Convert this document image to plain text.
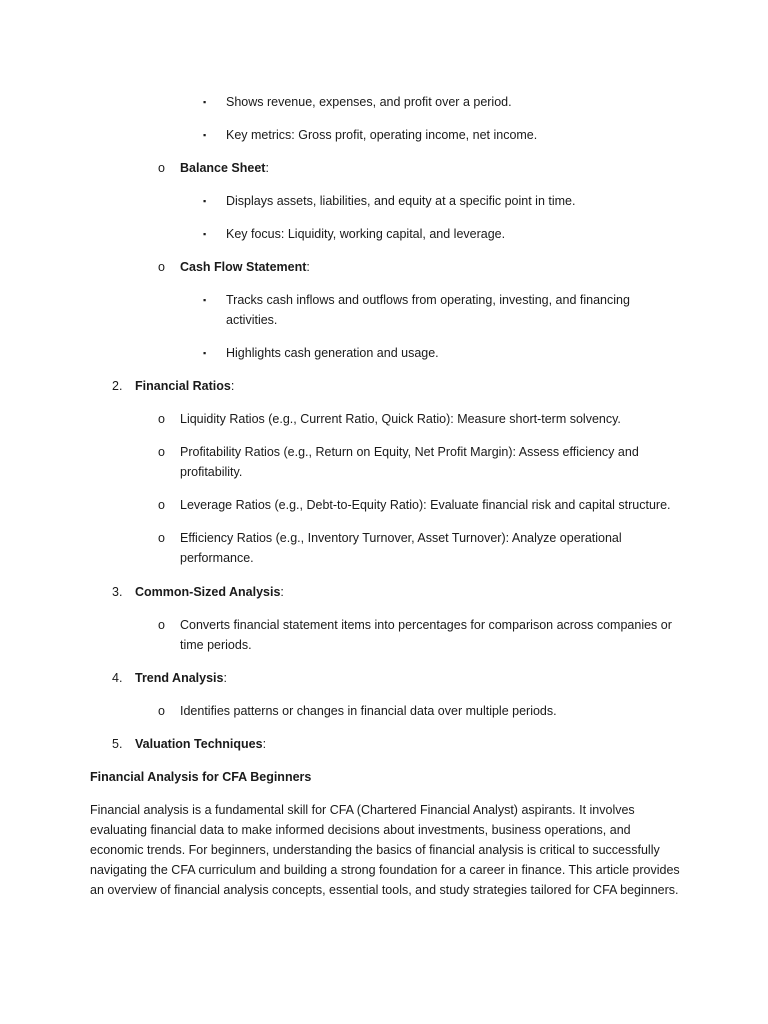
▪	Shows revenue, expenses, and profit over a period.
▪	Key metrics: Gross profit, operating income, net income.
o	Balance Sheet:
▪	Displays assets, liabilities, and equity at a specific point in time.
▪	Key focus: Liquidity, working capital, and leverage.
o	Cash Flow Statement:
▪	Tracks cash inflows and outflows from operating, investing, and financing activities.
▪	Highlights cash generation and usage.
2.	Financial Ratios:
o	Liquidity Ratios (e.g., Current Ratio, Quick Ratio): Measure short-term solvency.
o	Profitability Ratios (e.g., Return on Equity, Net Profit Margin): Assess efficiency and profitability.
o	Leverage Ratios (e.g., Debt-to-Equity Ratio): Evaluate financial risk and capital structure.
o	Efficiency Ratios (e.g., Inventory Turnover, Asset Turnover): Analyze operational performance.
3.	Common-Sized Analysis:
o	Converts financial statement items into percentages for comparison across companies or time periods.
4.	Trend Analysis:
o	Identifies patterns or changes in financial data over multiple periods.
5.	Valuation Techniques:
Financial Analysis for CFA Beginners

Financial analysis is a fundamental skill for CFA (Chartered Financial Analyst) aspirants. It involves evaluating financial data to make informed decisions about investments, business operations, and economic trends. For beginners, understanding the basics of financial analysis is critical to successfully navigating the CFA curriculum and building a strong foundation for a career in finance. This article provides an overview of financial analysis concepts, essential tools, and study strategies tailored for CFA beginners.
